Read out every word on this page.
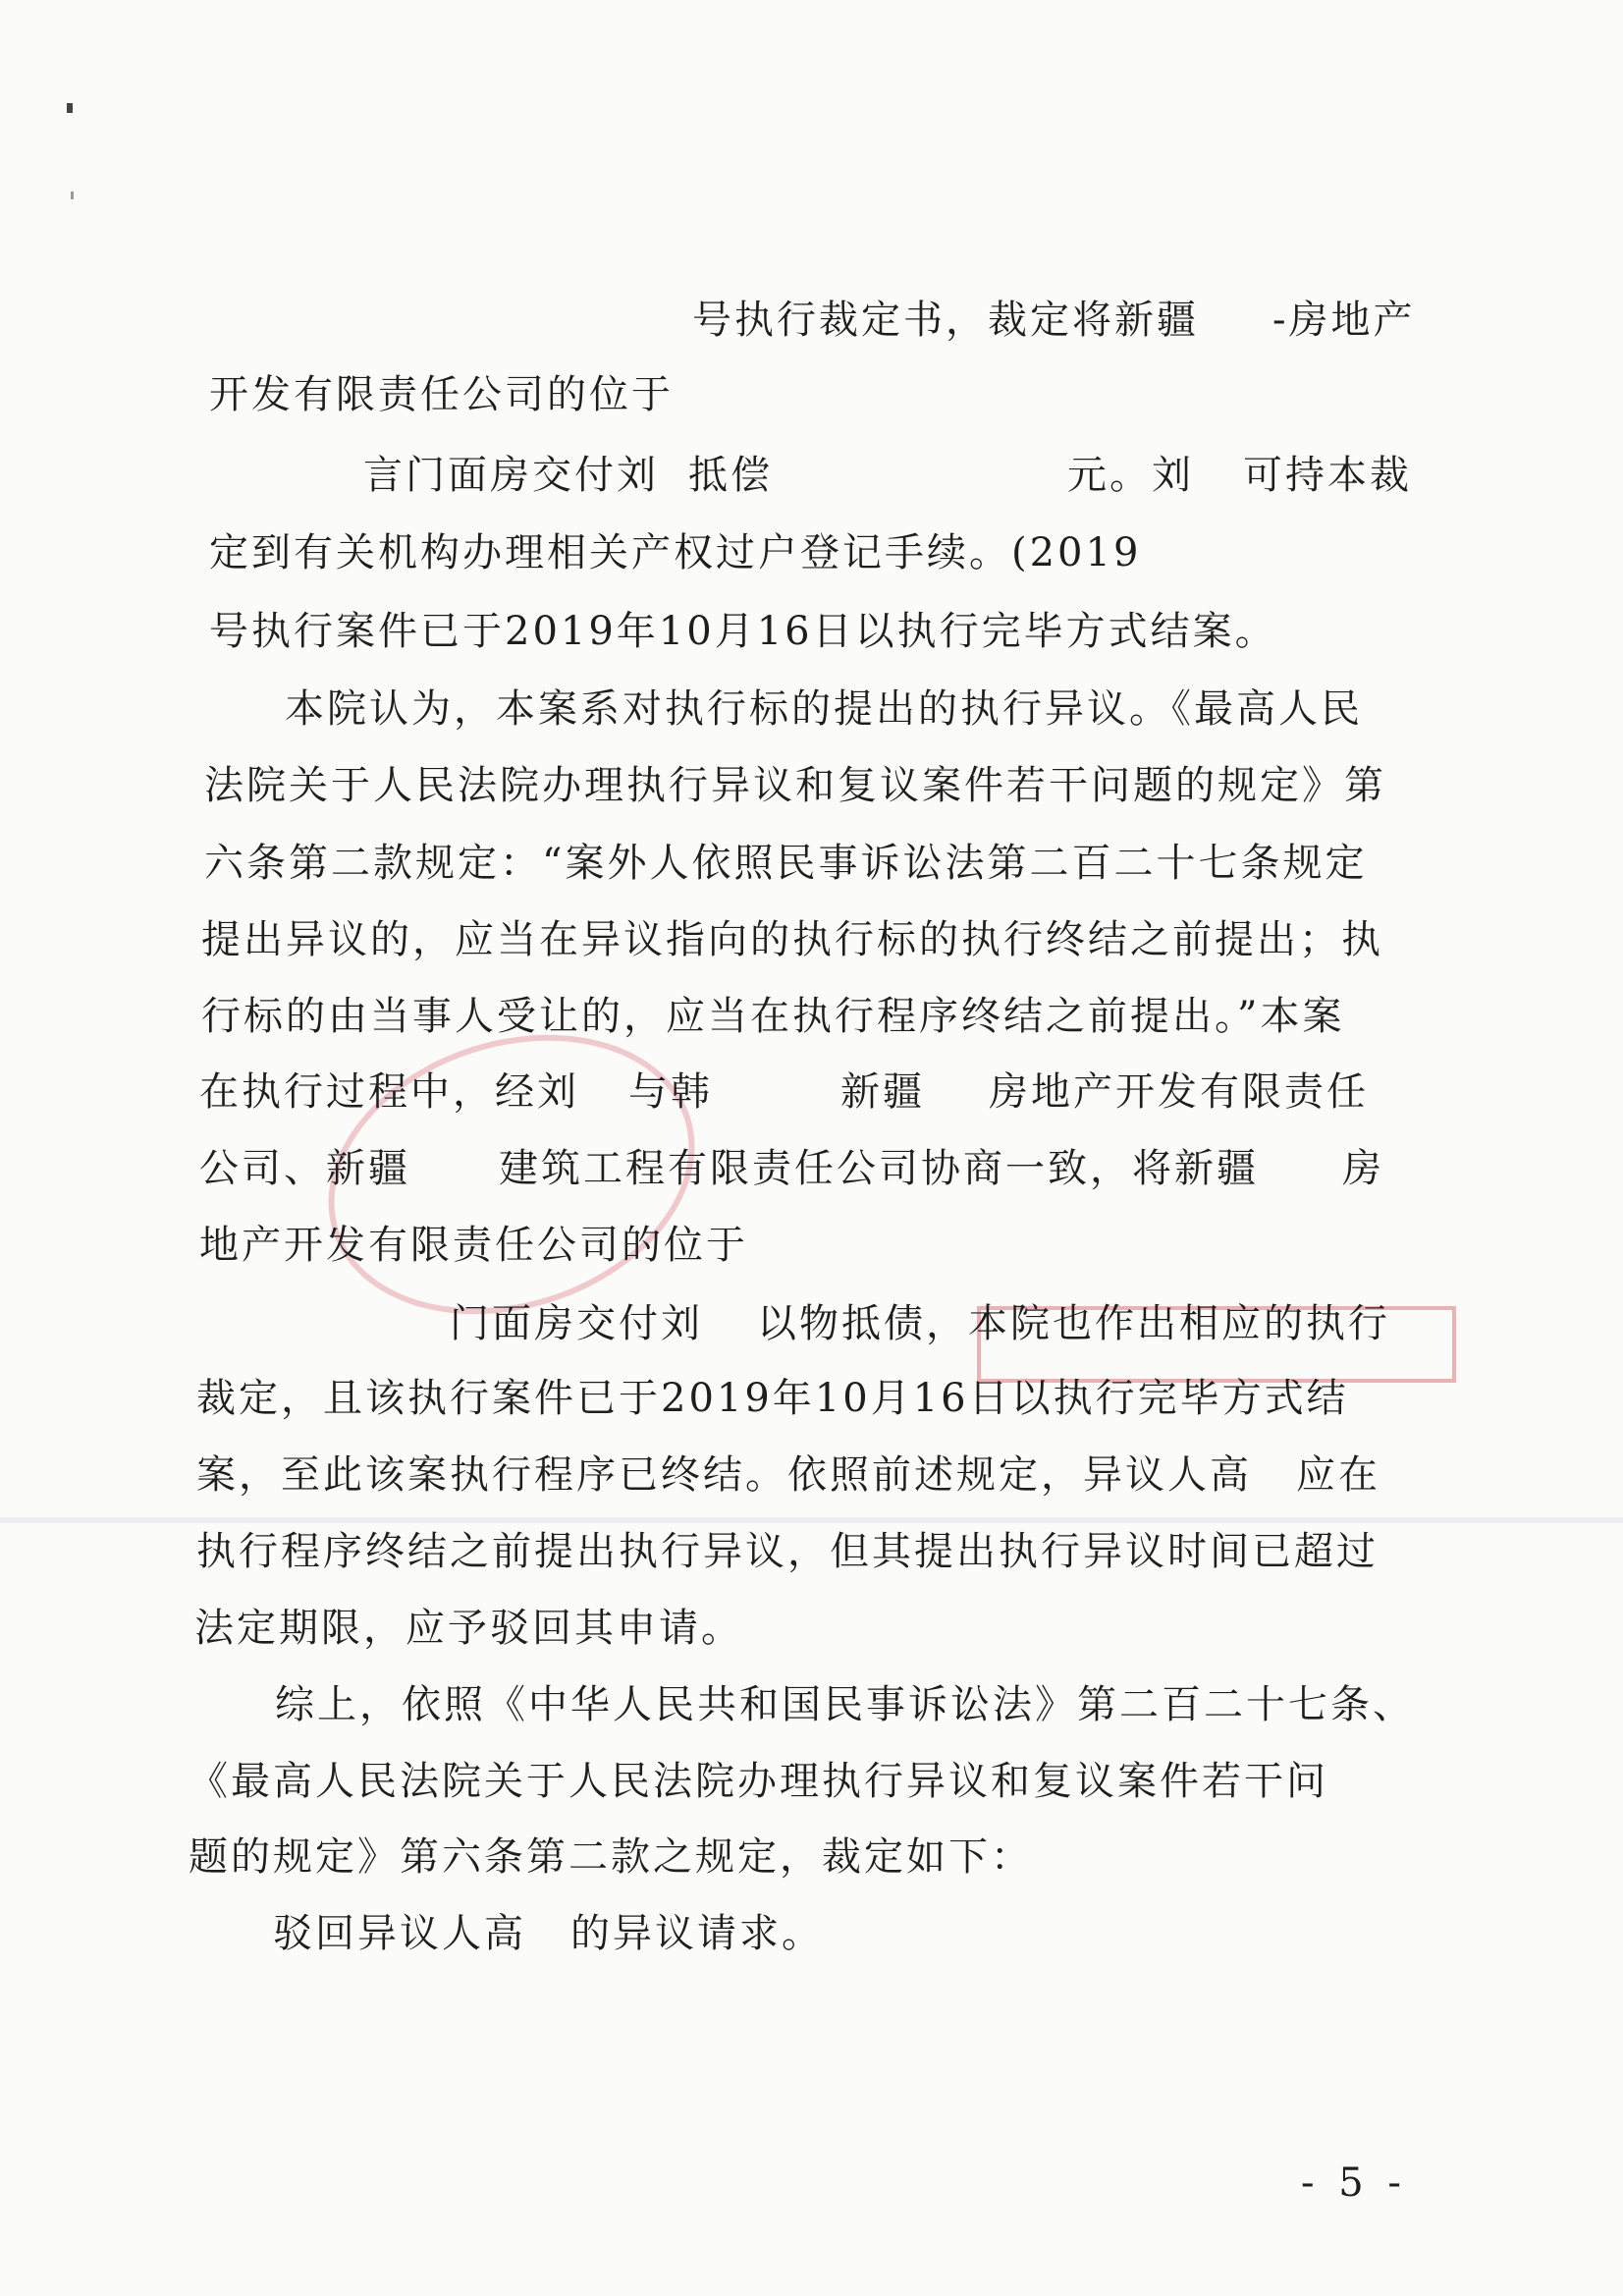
号执行裁定书，裁定将新疆 -房地产
开发有限责任公司的位于
言门面房交付刘 抵偿	元。刘 可持本裁
定到有关机构办理相关产权过户登记手续。(2019
号执行案件已于2019年10月16日以执行完毕方式结案。
本院认为，本案系对执行标的提出的执行异议。《最高人民
法院关于人民法院办理执行异议和复议案件若干问题的规定》第
六条第二款规定：“案外人依照民事诉讼法第二百二十七条规定
提出异议的，应当在异议指向的执行标的执行终结之前提出；执
行标的由当事人受让的，应当在执行程序终结之前提出。”本案
在执行过程中，经刘 与韩	新疆 房地产开发有限责任
公司、新疆 建筑工程有限责任公司协商一致，将新疆 房
地产开发有限责任公司的位于
门面房交付刘 以物抵债，本院也作出相应的执行
裁定，且该执行案件已于2019年10月16日以执行完毕方式结
案，至此该案执行程序已终结。依照前述规定，异议人高 应在
执行程序终结之前提出执行异议，但其提出执行异议时间已超过
法定期限，应予驳回其申请。
综上，依照《中华人民共和国民事诉讼法》第二百二十七条、
《最高人民法院关于人民法院办理执行异议和复议案件若干问
题的规定》第六条第二款之规定，裁定如下：
驳回异议人高 的异议请求。
- 5 -
